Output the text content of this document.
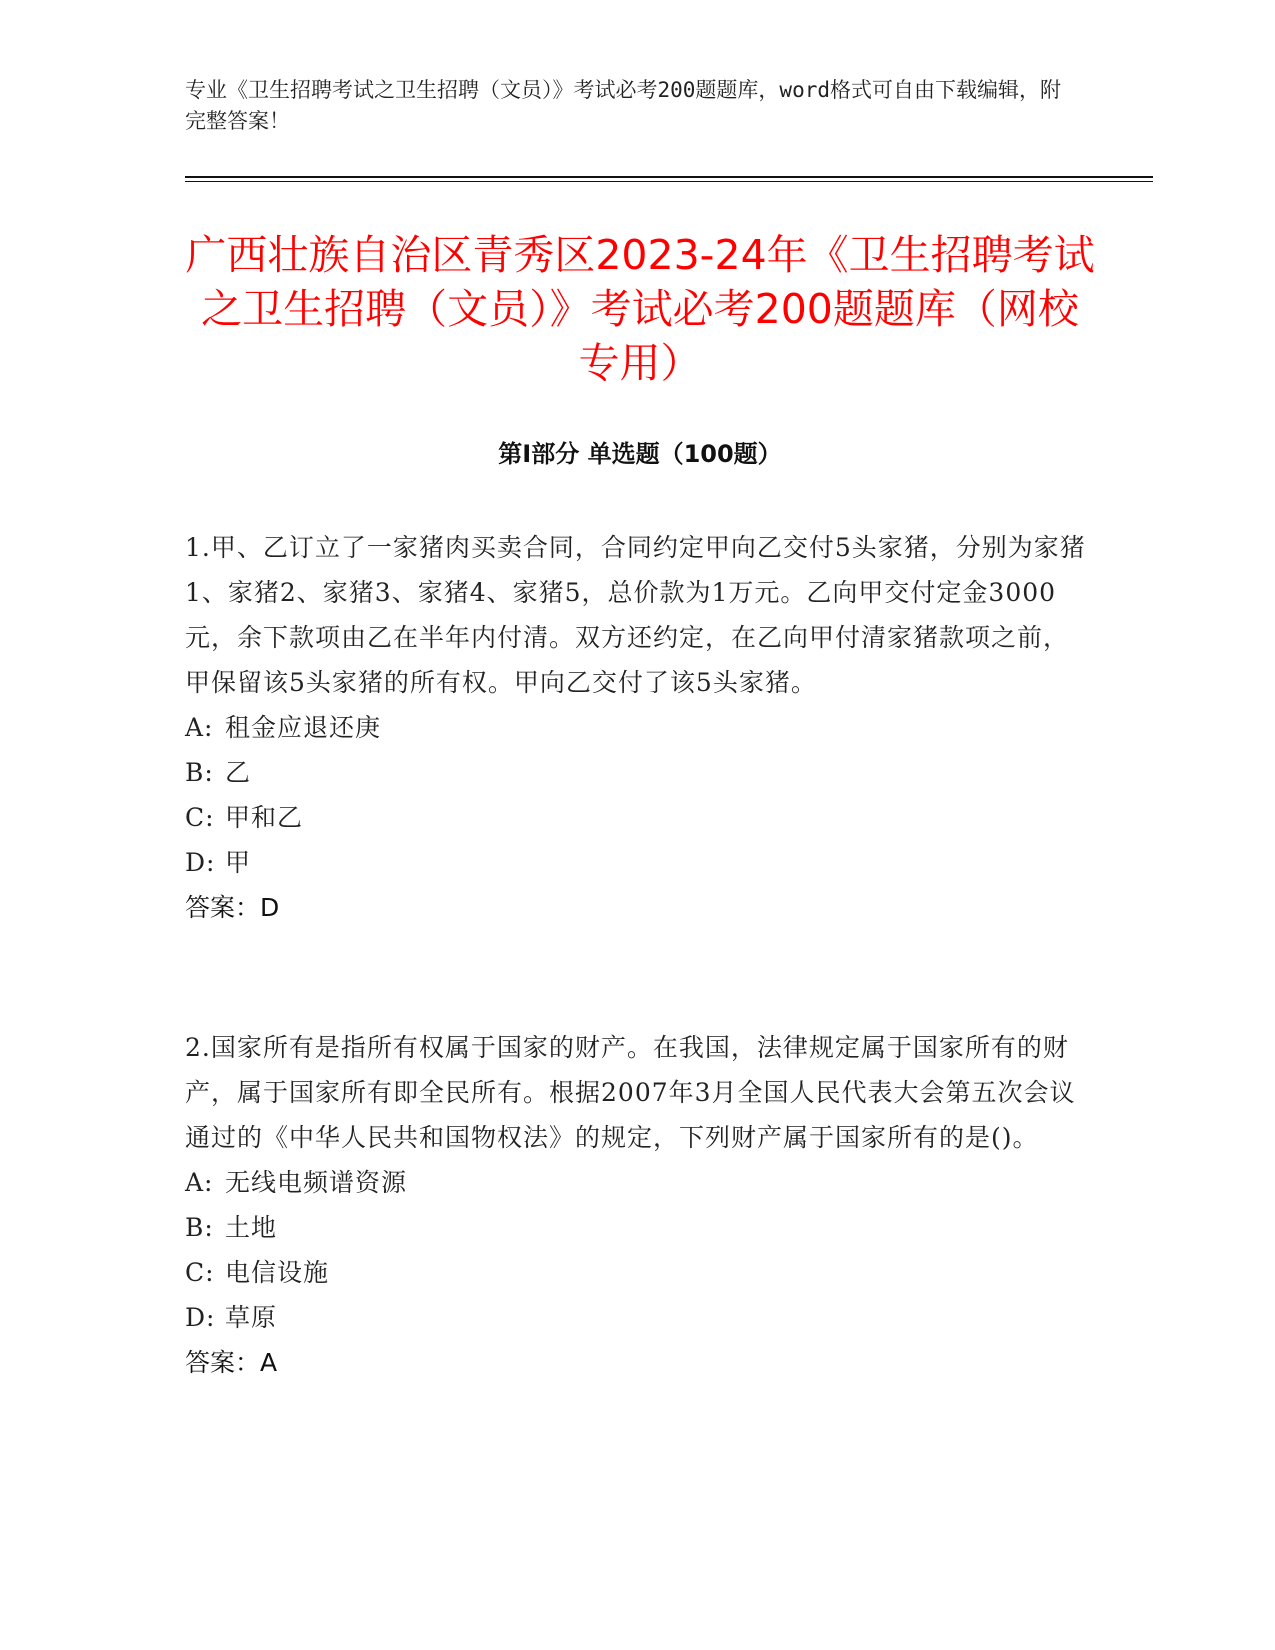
专业《卫生招聘考试之卫生招聘（文员）》考试必考200题题库，word格式可自由下载编辑，附完整答案！
广西壮族自治区青秀区2023-24年《卫生招聘考试之卫生招聘（文员）》考试必考200题题库（网校专用）
第I部分 单选题（100题）

1.甲、乙订立了一家猪肉买卖合同，合同约定甲向乙交付5头家猪，分别为家猪1、家猪2、家猪3、家猪4、家猪5，总价款为1万元。乙向甲交付定金3000元，余下款项由乙在半年内付清。双方还约定，在乙向甲付清家猪款项之前，甲保留该5头家猪的所有权。甲向乙交付了该5头家猪。

A: 租金应退还庚

B: 乙

C: 甲和乙

D: 甲

答案：D

2.国家所有是指所有权属于国家的财产。在我国，法律规定属于国家所有的财产，属于国家所有即全民所有。根据2007年3月全国人民代表大会第五次会议通过的《中华人民共和国物权法》的规定，下列财产属于国家所有的是()。

A: 无线电频谱资源

B: 土地

C: 电信设施

D: 草原

答案：A
